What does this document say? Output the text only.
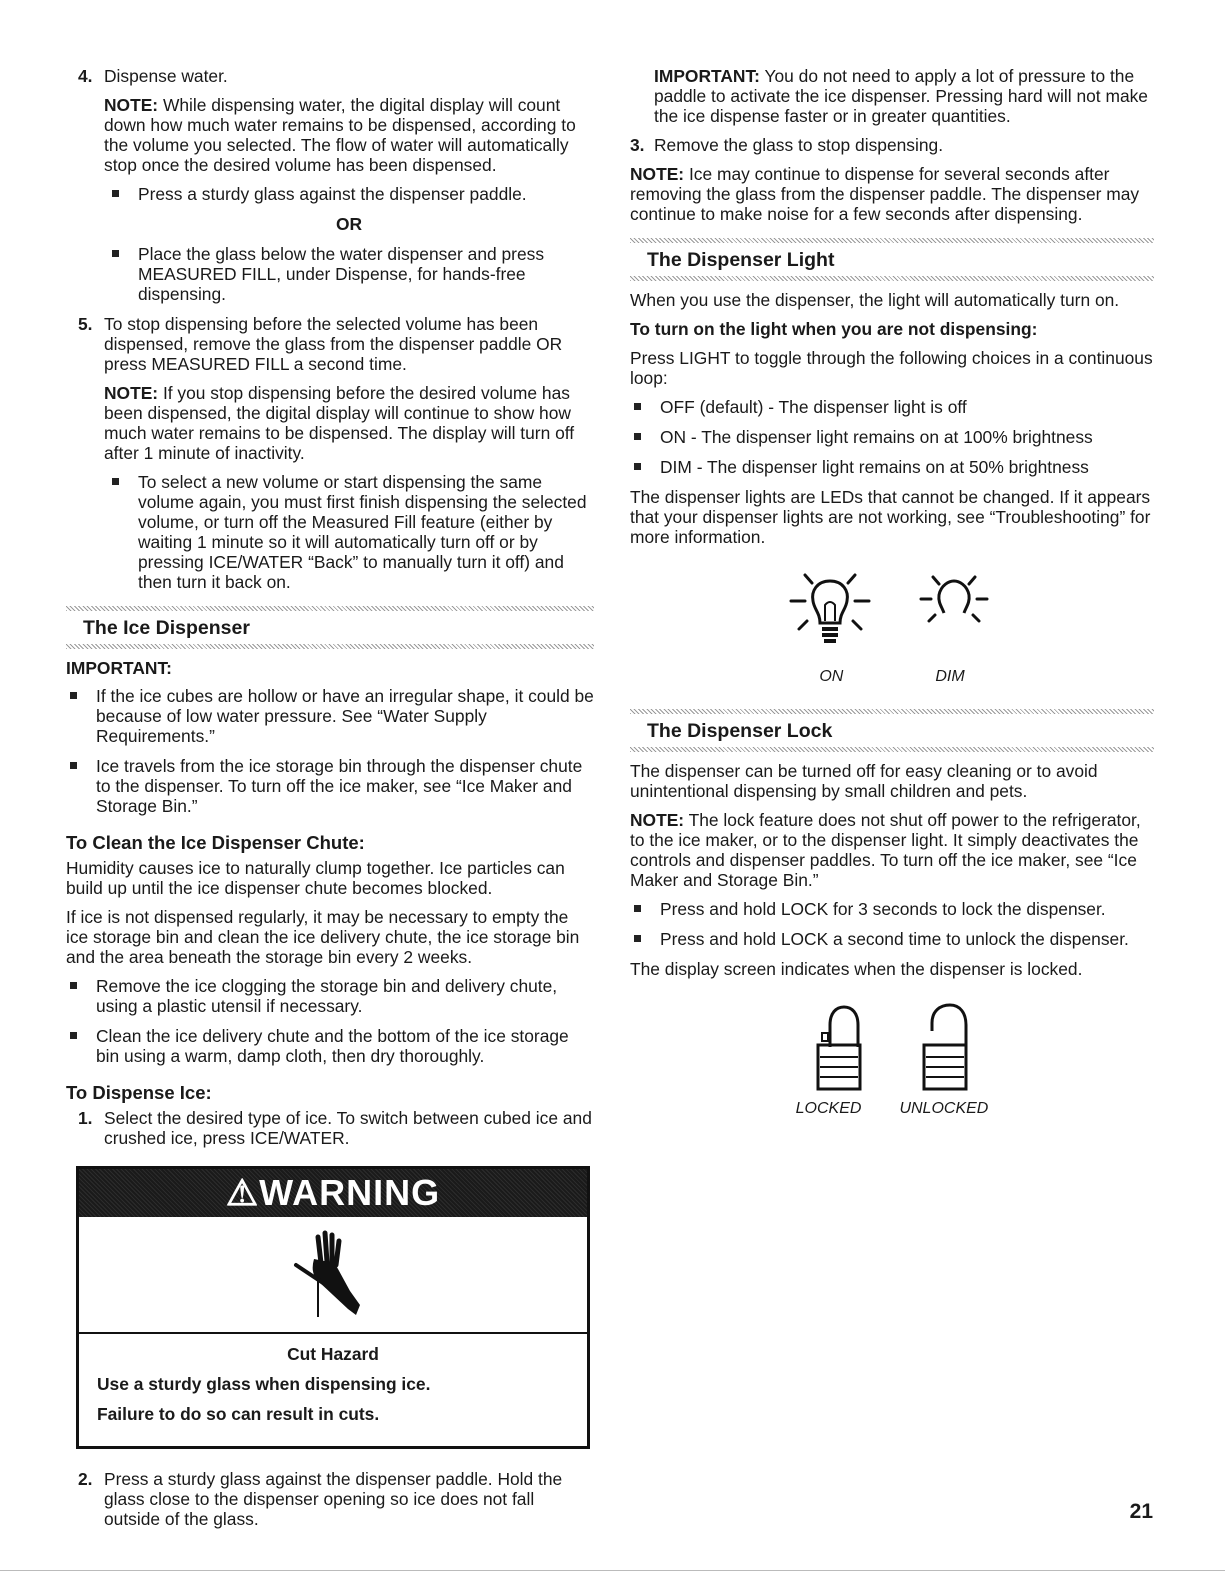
4. Dispense water.

NOTE: While dispensing water, the digital display will count down how much water remains to be dispensed, according to the volume you selected. The flow of water will automatically stop once the desired volume has been dispensed.

Press a sturdy glass against the dispenser paddle.
OR
Place the glass below the water dispenser and press MEASURED FILL, under Dispense, for hands-free dispensing.
5. To stop dispensing before the selected volume has been dispensed, remove the glass from the dispenser paddle OR press MEASURED FILL a second time.

NOTE: If you stop dispensing before the desired volume has been dispensed, the digital display will continue to show how much water remains to be dispensed. The display will turn off after 1 minute of inactivity.

To select a new volume or start dispensing the same volume again, you must first finish dispensing the selected volume, or turn off the Measured Fill feature (either by waiting 1 minute so it will automatically turn off or by pressing ICE/WATER “Back” to manually turn it off) and then turn it back on.
The Ice Dispenser
IMPORTANT:
If the ice cubes are hollow or have an irregular shape, it could be because of low water pressure. See “Water Supply Requirements.”
Ice travels from the ice storage bin through the dispenser chute to the dispenser. To turn off the ice maker, see “Ice Maker and Storage Bin.”
To Clean the Ice Dispenser Chute:

Humidity causes ice to naturally clump together. Ice particles can build up until the ice dispenser chute becomes blocked.

If ice is not dispensed regularly, it may be necessary to empty the ice storage bin and clean the ice delivery chute, the ice storage bin and the area beneath the storage bin every 2 weeks.

Remove the ice clogging the storage bin and delivery chute, using a plastic utensil if necessary.
Clean the ice delivery chute and the bottom of the ice storage bin using a warm, damp cloth, then dry thoroughly.
To Dispense Ice:
1. Select the desired type of ice. To switch between cubed ice and crushed ice, press ICE/WATER.

⚠WARNING
Cut Hazard
Use a sturdy glass when dispensing ice.
Failure to do so can result in cuts.
2. Press a sturdy glass against the dispenser paddle. Hold the glass close to the dispenser opening so ice does not fall outside of the glass.

IMPORTANT: You do not need to apply a lot of pressure to the paddle to activate the ice dispenser. Pressing hard will not make the ice dispense faster or in greater quantities.

3. Remove the glass to stop dispensing.

NOTE: Ice may continue to dispense for several seconds after removing the glass from the dispenser paddle. The dispenser may continue to make noise for a few seconds after dispensing.

The Dispenser Light

When you use the dispenser, the light will automatically turn on.

To turn on the light when you are not dispensing:

Press LIGHT to toggle through the following choices in a continuous loop:

OFF (default) - The dispenser light is off
ON - The dispenser light remains on at 100% brightness
DIM - The dispenser light remains on at 50% brightness

The dispenser lights are LEDs that cannot be changed. If it appears that your dispenser lights are not working, see “Troubleshooting” for more information.

ON	DIM
The Dispenser Lock

The dispenser can be turned off for easy cleaning or to avoid unintentional dispensing by small children and pets.

NOTE: The lock feature does not shut off power to the refrigerator, to the ice maker, or to the dispenser light. It simply deactivates the controls and dispenser paddles. To turn off the ice maker, see “Ice Maker and Storage Bin.”

Press and hold LOCK for 3 seconds to lock the dispenser.
Press and hold LOCK a second time to unlock the dispenser.

The display screen indicates when the dispenser is locked.

LOCKED UNLOCKED
21
